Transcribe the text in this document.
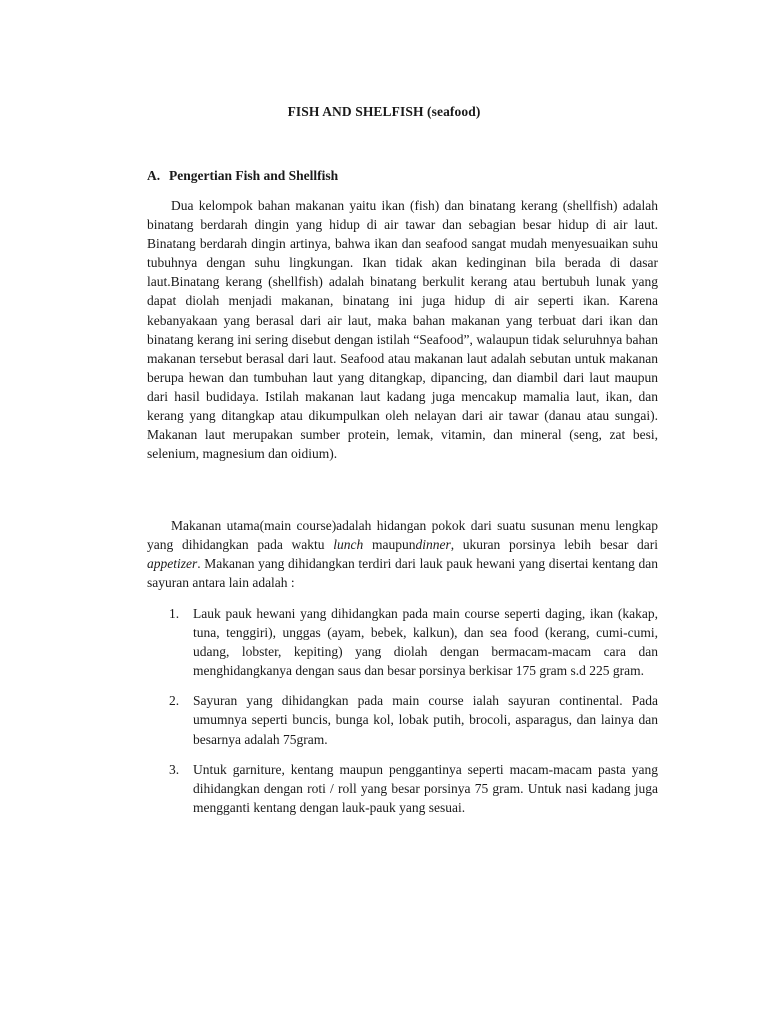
FISH AND SHELFISH (seafood)
A. Pengertian Fish and Shellfish

Dua kelompok bahan makanan yaitu ikan (fish) dan binatang kerang (shellfish) adalah binatang berdarah dingin yang hidup di air tawar dan sebagian besar hidup di air laut. Binatang berdarah dingin artinya, bahwa ikan dan seafood sangat mudah menyesuaikan suhu tubuhnya dengan suhu lingkungan. Ikan tidak akan kedinginan bila berada di dasar laut.Binatang kerang (shellfish) adalah binatang berkulit kerang atau bertubuh lunak yang dapat diolah menjadi makanan, binatang ini juga hidup di air seperti ikan. Karena kebanyakaan yang berasal dari air laut, maka bahan makanan yang terbuat dari ikan dan binatang kerang ini sering disebut dengan istilah “Seafood”, walaupun tidak seluruhnya bahan makanan tersebut berasal dari laut. Seafood atau makanan laut adalah sebutan untuk makanan berupa hewan dan tumbuhan laut yang ditangkap, dipancing, dan diambil dari laut maupun dari hasil budidaya. Istilah makanan laut kadang juga mencakup mamalia laut, ikan, dan kerang yang ditangkap atau dikumpulkan oleh nelayan dari air tawar (danau atau sungai). Makanan laut merupakan sumber protein, lemak, vitamin, dan mineral (seng, zat besi, selenium, magnesium dan oidium).

Makanan utama(main course)adalah hidangan pokok dari suatu susunan menu lengkap yang dihidangkan pada waktu lunch maupundinner, ukuran porsinya lebih besar dari appetizer. Makanan yang dihidangkan terdiri dari lauk pauk hewani yang disertai kentang dan sayuran antara lain adalah :

1. Lauk pauk hewani yang dihidangkan pada main course seperti daging, ikan (kakap, tuna, tenggiri), unggas (ayam, bebek, kalkun), dan sea food (kerang, cumi-cumi, udang, lobster, kepiting) yang diolah dengan bermacam-macam cara dan menghidangkanya dengan saus dan besar porsinya berkisar 175 gram s.d 225 gram.
2. Sayuran yang dihidangkan pada main course ialah sayuran continental. Pada umumnya seperti buncis, bunga kol, lobak putih, brocoli, asparagus, dan lainya dan besarnya adalah 75gram.
3. Untuk garniture, kentang maupun penggantinya seperti macam-macam pasta yang dihidangkan dengan roti / roll yang besar porsinya 75 gram. Untuk nasi kadang juga mengganti kentang dengan lauk-pauk yang sesuai.
